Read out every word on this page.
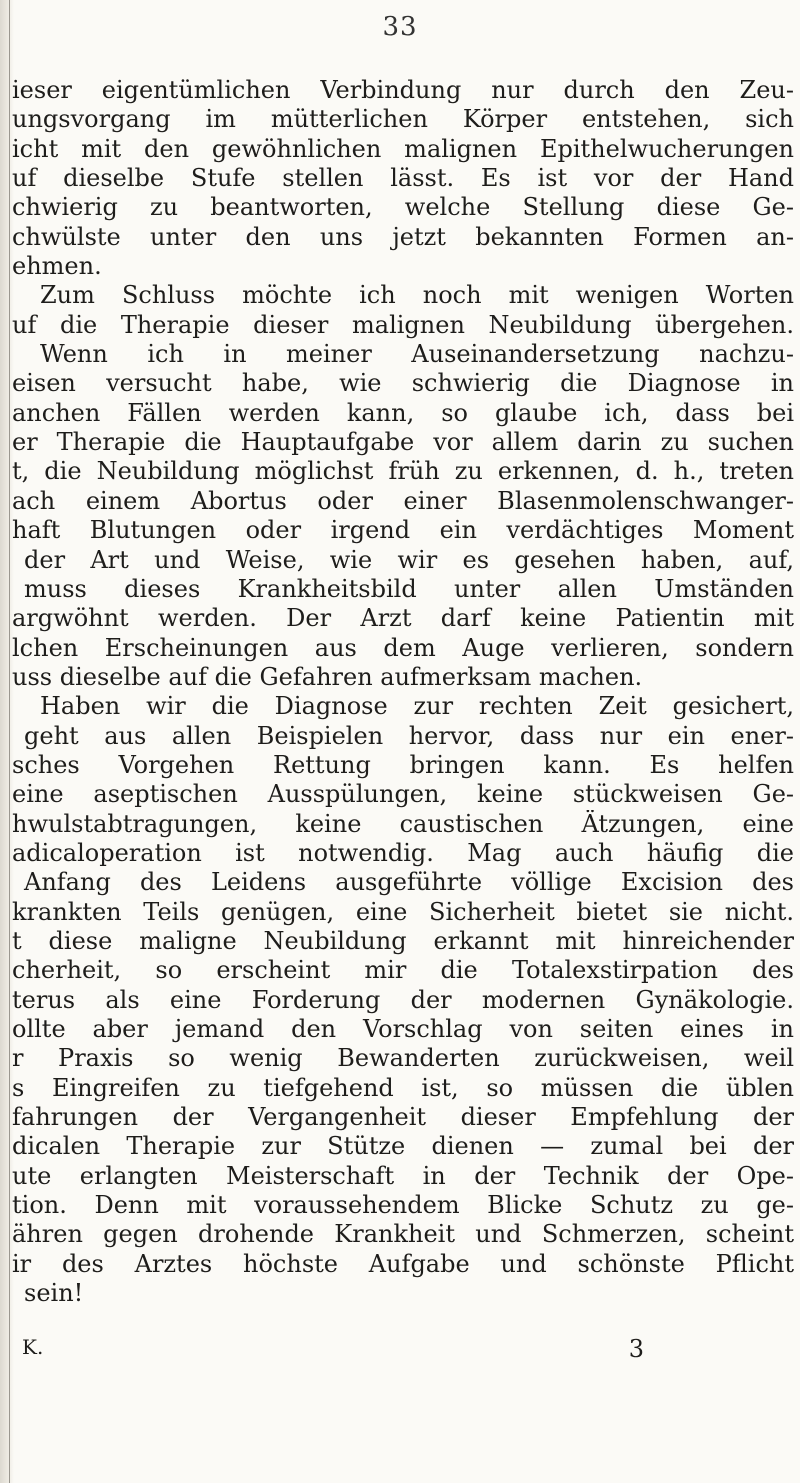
33
ieser eigentümlichen Verbindung nur durch den Zeu-
ungsvorgang im mütterlichen Körper entstehen, sich
icht mit den gewöhnlichen malignen Epithelwucherungen
uf dieselbe Stufe stellen lässt. Es ist vor der Hand
chwierig zu beantworten, welche Stellung diese Ge-
chwülste unter den uns jetzt bekannten Formen an-
ehmen.
Zum Schluss möchte ich noch mit wenigen Worten
uf die Therapie dieser malignen Neubildung übergehen.
Wenn ich in meiner Auseinandersetzung nachzu-
eisen versucht habe, wie schwierig die Diagnose in
anchen Fällen werden kann, so glaube ich, dass bei
er Therapie die Hauptaufgabe vor allem darin zu suchen
t, die Neubildung möglichst früh zu erkennen, d. h., treten
ach einem Abortus oder einer Blasenmolenschwanger-
haft Blutungen oder irgend ein verdächtiges Moment
der Art und Weise, wie wir es gesehen haben, auf,
muss dieses Krankheitsbild unter allen Umständen
argwöhnt werden. Der Arzt darf keine Patientin mit
lchen Erscheinungen aus dem Auge verlieren, sondern
uss dieselbe auf die Gefahren aufmerksam machen.
Haben wir die Diagnose zur rechten Zeit gesichert,
geht aus allen Beispielen hervor, dass nur ein ener-
sches Vorgehen Rettung bringen kann. Es helfen
eine aseptischen Ausspülungen, keine stückweisen Ge-
hwulstabtragungen, keine caustischen Ätzungen, eine
adicaloperation ist notwendig. Mag auch häufig die
Anfang des Leidens ausgeführte völlige Excision des
krankten Teils genügen, eine Sicherheit bietet sie nicht.
t diese maligne Neubildung erkannt mit hinreichender
cherheit, so erscheint mir die Totalexstirpation des
terus als eine Forderung der modernen Gynäkologie.
ollte aber jemand den Vorschlag von seiten eines in
r Praxis so wenig Bewanderten zurückweisen, weil
s Eingreifen zu tiefgehend ist, so müssen die üblen
fahrungen der Vergangenheit dieser Empfehlung der
dicalen Therapie zur Stütze dienen — zumal bei der
ute erlangten Meisterschaft in der Technik der Ope-
tion. Denn mit voraussehendem Blicke Schutz zu ge-
ähren gegen drohende Krankheit und Schmerzen, scheint
ir des Arztes höchste Aufgabe und schönste Pflicht
sein!
K.	3
